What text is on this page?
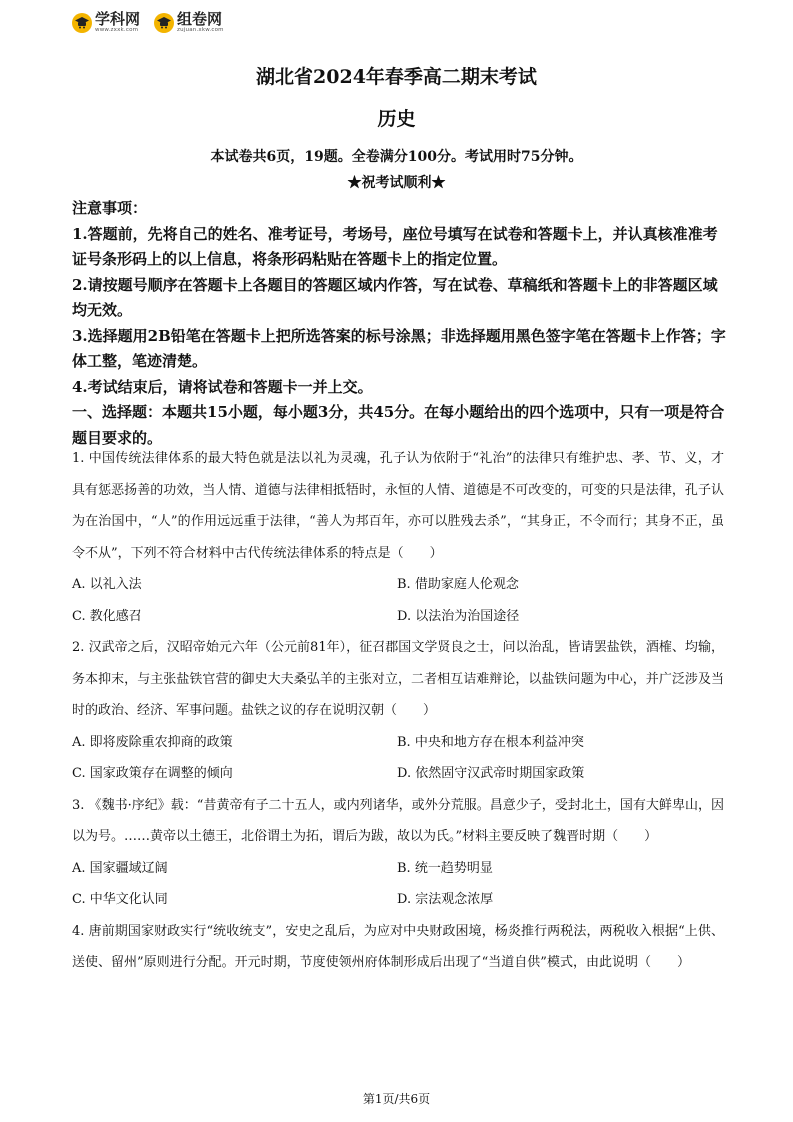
学科网
www.zxxk.com
组卷网
zujuan.xkw.com
湖北省2024年春季高二期末考试
历史
本试卷共6页，19题。全卷满分100分。考试用时75分钟。
★祝考试顺利★

注意事项：

1.答题前，先将自己的姓名、准考证号，考场号，座位号填写在试卷和答题卡上，并认真核准准考证号条形码上的以上信息，将条形码粘贴在答题卡上的指定位置。

2.请按题号顺序在答题卡上各题目的答题区域内作答，写在试卷、草稿纸和答题卡上的非答题区域均无效。

3.选择题用2B铅笔在答题卡上把所选答案的标号涂黑；非选择题用黑色签字笔在答题卡上作答；字体工整，笔迹清楚。

4.考试结束后，请将试卷和答题卡一并上交。

一、选择题：本题共15小题，每小题3分，共45分。在每小题给出的四个选项中，只有一项是符合题目要求的。

1. 中国传统法律体系的最大特色就是法以礼为灵魂，孔子认为依附于“礼治”的法律只有维护忠、孝、节、义，才具有惩恶扬善的功效，当人情、道德与法律相抵牾时，永恒的人情、道德是不可改变的，可变的只是法律，孔子认为在治国中，“人”的作用远远重于法律，“善人为邦百年，亦可以胜残去杀”，“其身正，不令而行；其身不正，虽令不从”，下列不符合材料中古代传统法律体系的特点是（　　）

A. 以礼入法	B. 借助家庭人伦观念
C. 教化感召	D. 以法治为治国途径

2. 汉武帝之后，汉昭帝始元六年（公元前81年），征召郡国文学贤良之士，问以治乱，皆请罢盐铁，酒榷、均输，务本抑末，与主张盐铁官营的御史大夫桑弘羊的主张对立，二者相互诘难辩论，以盐铁问题为中心，并广泛涉及当时的政治、经济、军事问题。盐铁之议的存在说明汉朝（　　）

A. 即将废除重农抑商的政策	B. 中央和地方存在根本利益冲突
C. 国家政策存在调整的倾向	D. 依然固守汉武帝时期国家政策

3. 《魏书·序纪》载：“昔黄帝有子二十五人，或内列诸华，或外分荒服。昌意少子，受封北土，国有大鲜卑山，因以为号。……黄帝以土德王，北俗谓土为拓，谓后为跋，故以为氏。”材料主要反映了魏晋时期（　　）

A. 国家疆域辽阔	B. 统一趋势明显
C. 中华文化认同	D. 宗法观念浓厚

4. 唐前期国家财政实行“统收统支”，安史之乱后，为应对中央财政困境，杨炎推行两税法，两税收入根据“上供、送使、留州”原则进行分配。开元时期，节度使领州府体制形成后出现了“当道自供”模式，由此说明（　　）

第1页/共6页
